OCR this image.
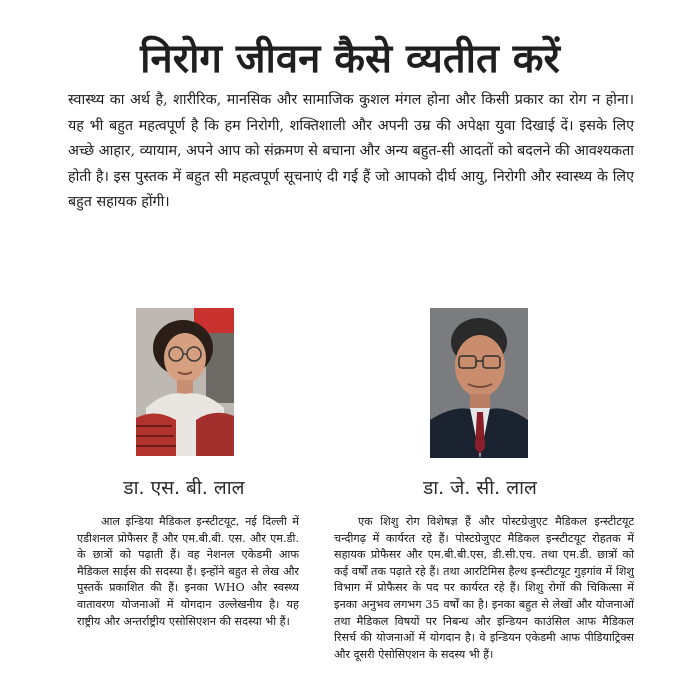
निरोग जीवन कैसे व्यतीत करें

स्वास्थ्य का अर्थ है, शारीरिक, मानसिक और सामाजिक कुशल मंगल होना और किसी प्रकार का रोग न होना। यह भी बहुत महत्वपूर्ण है कि हम निरोगी, शक्तिशाली और अपनी उम्र की अपेक्षा युवा दिखाई दें। इसके लिए अच्छे आहार, व्यायाम, अपने आप को संक्रमण से बचाना और अन्य बहुत-सी आदतों को बदलने की आवश्यकता होती है। इस पुस्तक में बहुत सी महत्वपूर्ण सूचनाएं दी गई हैं जो आपको दीर्घ आयु, निरोगी और स्वास्थ्य के लिए बहुत सहायक होंगी।

डा. एस. बी. लाल	डा. जे. सी. लाल

आल इन्डिया मैडिकल इन्स्टीटयूट, नई दिल्ली में एडीशनल प्रोफैसर हैं और एम.बी.बी. एस. और एम.डी. के छात्रों को पढ़ाती हैं। वह नेशनल एकेडमी आफ मैडिकल साईस की सदस्या हैं। इन्होंने बहुत से लेख और पुस्तकें प्रकाशित की हैं। इनका WHO और स्वस्थ्य वातावरण योजनाओं में योगदान उल्लेखनीय है। यह राष्ट्रीय और अन्तर्राष्ट्रीय एसोसिएशन की सदस्या भी हैं।

एक शिशु रोग विशेषज्ञ हैं और पोस्टग्रेजुएट मैडिकल इन्स्टीटयूट चन्दीगढ़ में कार्यरत रहे हैं। पोस्टग्रेजुएट मैडिकल इन्स्टीटयूट रोहतक में सहायक प्रोफैसर और एम.बी.बी.एस, डी.सी.एच. तथा एम.डी. छात्रों को कई वर्षों तक पढ़ाते रहे हैं। तथा आरटिमिस हैल्थ इन्स्टीटयूट गुड़गांव में शिशु विभाग में प्रोफैसर के पद पर कार्यरत रहे हैं। शिशु रोगों की चिकित्सा में इनका अनुभव लगभग 35 वर्षों का है। इनका बहुत से लेखों और योजनाओं तथा मैडिकल विषयों पर निबन्ध और इन्डियन काउंसिल आफ मैडिकल रिसर्च की योजनाओं में योगदान है। वे इन्डियन एकेडमी आफ पीडियाट्रिक्स और दूसरी ऐसोसिएशन के सदस्य भी हैं।
